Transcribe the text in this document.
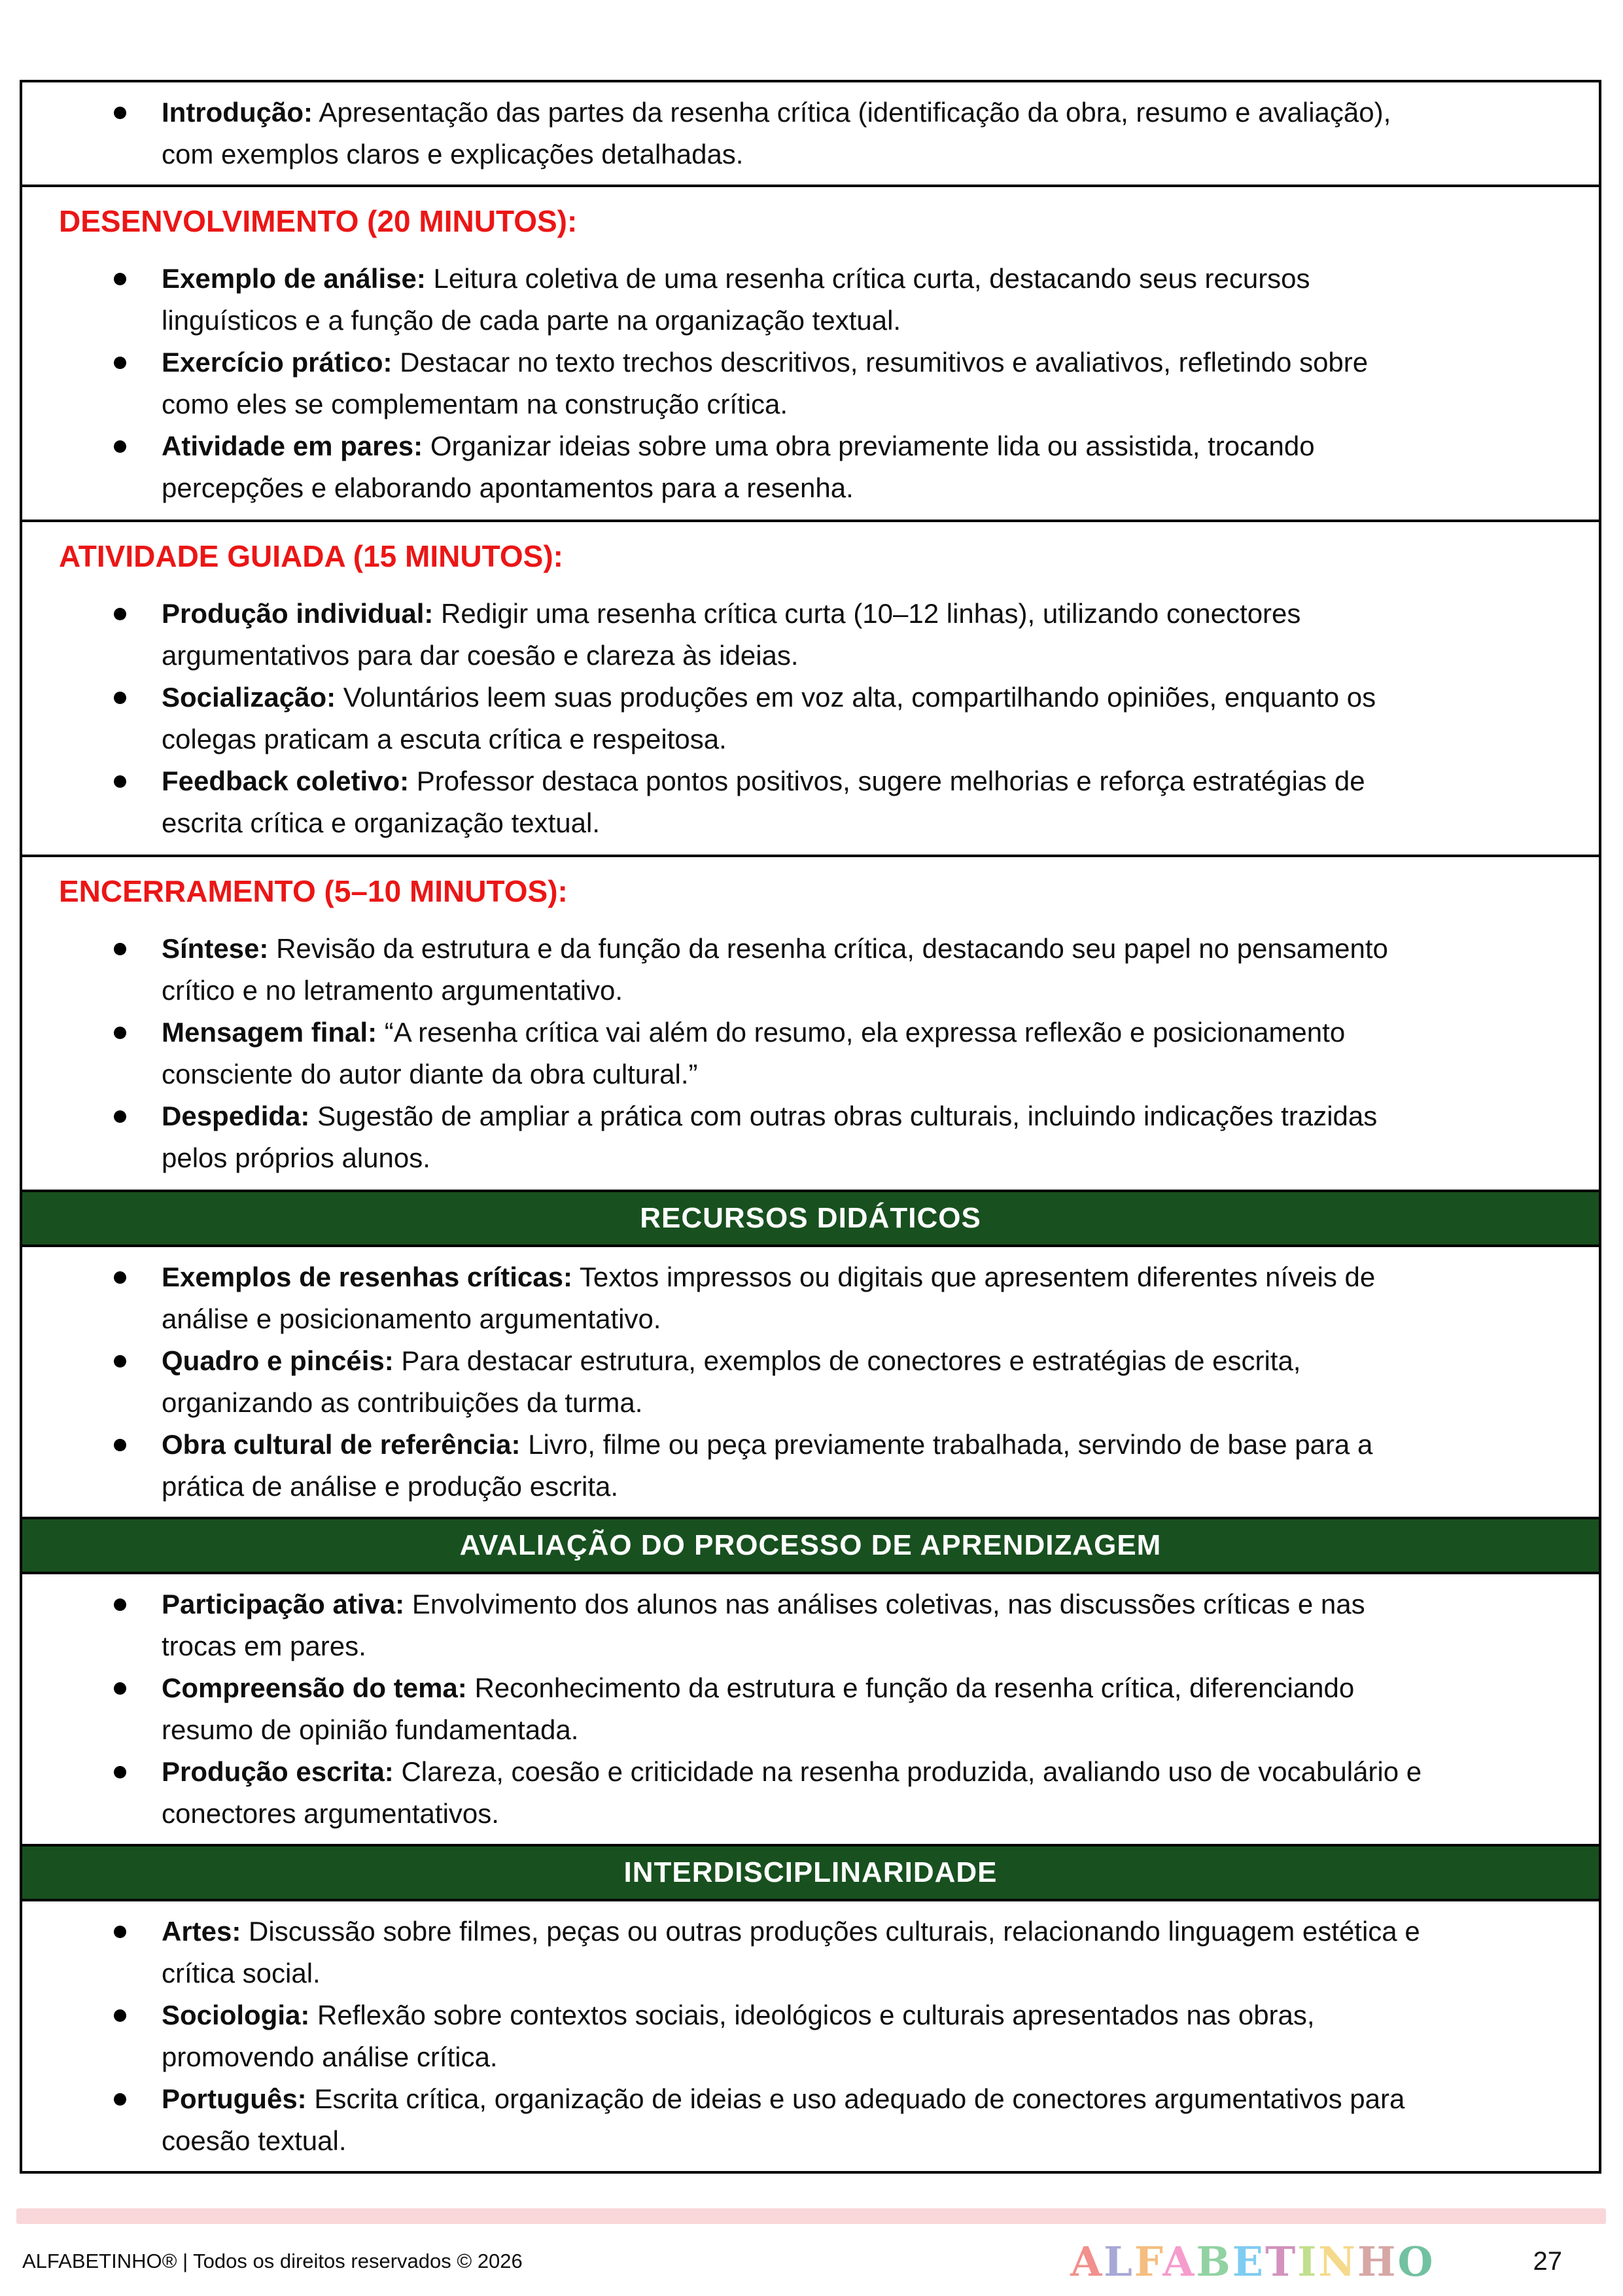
Introdução: Apresentação das partes da resenha crítica (identificação da obra, resumo e avaliação), com exemplos claros e explicações detalhadas.
DESENVOLVIMENTO (20 MINUTOS):
Exemplo de análise: Leitura coletiva de uma resenha crítica curta, destacando seus recursos linguísticos e a função de cada parte na organização textual.
Exercício prático: Destacar no texto trechos descritivos, resumitivos e avaliativos, refletindo sobre como eles se complementam na construção crítica.
Atividade em pares: Organizar ideias sobre uma obra previamente lida ou assistida, trocando percepções e elaborando apontamentos para a resenha.
ATIVIDADE GUIADA (15 MINUTOS):
Produção individual: Redigir uma resenha crítica curta (10–12 linhas), utilizando conectores argumentativos para dar coesão e clareza às ideias.
Socialização: Voluntários leem suas produções em voz alta, compartilhando opiniões, enquanto os colegas praticam a escuta crítica e respeitosa.
Feedback coletivo: Professor destaca pontos positivos, sugere melhorias e reforça estratégias de escrita crítica e organização textual.
ENCERRAMENTO (5–10 MINUTOS):
Síntese: Revisão da estrutura e da função da resenha crítica, destacando seu papel no pensamento crítico e no letramento argumentativo.
Mensagem final: “A resenha crítica vai além do resumo, ela expressa reflexão e posicionamento consciente do autor diante da obra cultural.”
Despedida: Sugestão de ampliar a prática com outras obras culturais, incluindo indicações trazidas pelos próprios alunos.
RECURSOS DIDÁTICOS
Exemplos de resenhas críticas: Textos impressos ou digitais que apresentem diferentes níveis de análise e posicionamento argumentativo.
Quadro e pincéis: Para destacar estrutura, exemplos de conectores e estratégias de escrita, organizando as contribuições da turma.
Obra cultural de referência: Livro, filme ou peça previamente trabalhada, servindo de base para a prática de análise e produção escrita.
AVALIAÇÃO DO PROCESSO DE APRENDIZAGEM
Participação ativa: Envolvimento dos alunos nas análises coletivas, nas discussões críticas e nas trocas em pares.
Compreensão do tema: Reconhecimento da estrutura e função da resenha crítica, diferenciando resumo de opinião fundamentada.
Produção escrita: Clareza, coesão e criticidade na resenha produzida, avaliando uso de vocabulário e conectores argumentativos.
INTERDISCIPLINARIDADE
Artes: Discussão sobre filmes, peças ou outras produções culturais, relacionando linguagem estética e crítica social.
Sociologia: Reflexão sobre contextos sociais, ideológicos e culturais apresentados nas obras, promovendo análise crítica.
Português: Escrita crítica, organização de ideias e uso adequado de conectores argumentativos para coesão textual.
ALFABETINHO® | Todos os direitos reservados © 2026	ALFABETINHO	27
